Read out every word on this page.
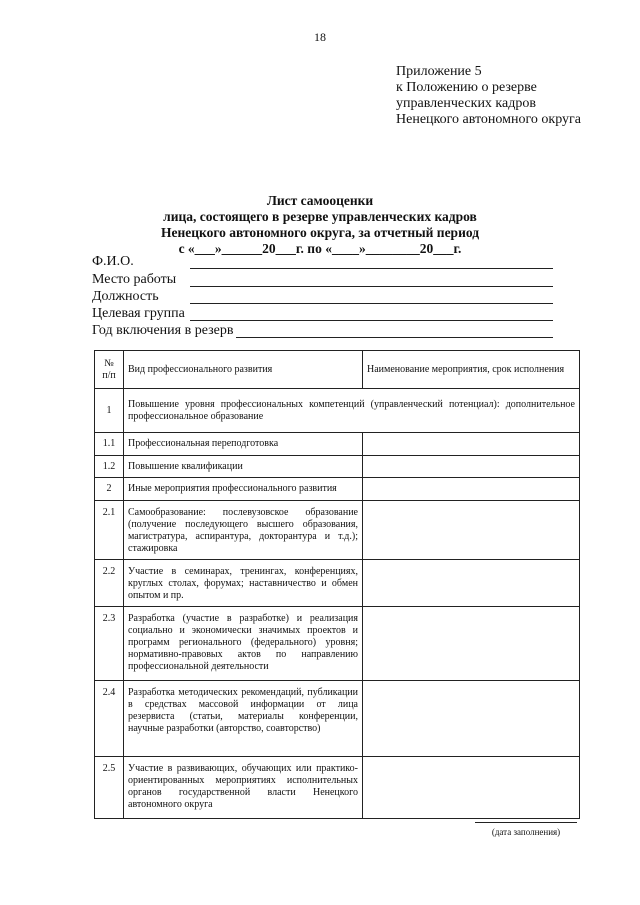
18
Приложение 5
к Положению о резерве
управленческих кадров
Ненецкого автономного округа
Лист самооценки
лица, состоящего в резерве управленческих кадров
Ненецкого автономного округа, за отчетный период
с «___»______20___г. по «____»________20___г.
Ф.И.О.
Место работы
Должность
Целевая группа
Год включения в резерв
№
п/п	Вид профессионального развития	Наименование мероприятия, срок исполнения
1	Повышение уровня профессиональных компетенций (управленческий потенциал): дополнительное профессиональное образование	
1.1	Профессиональная переподготовка	
1.2	Повышение квалификации	
2	Иные мероприятия профессионального развития	
2.1	Самообразование: послевузовское образование (получение последующего высшего образования, магистратура, аспирантура, докторантура и т.д.); стажировка	
2.2	Участие в семинарах, тренингах, конференциях, круглых столах, форумах; наставничество и обмен опытом и пр.	
2.3	Разработка (участие в разработке) и реализация социально и экономически значимых проектов и программ регионального (федерального) уровня; нормативно-правовых актов по направлению профессиональной деятельности	
2.4	Разработка методических рекомендаций, публикации в средствах массовой информации от лица резервиста (статьи, материалы конференции, научные разработки (авторство, соавторство)	
2.5	Участие в развивающих, обучающих или практико-ориентированных мероприятиях исполнительных органов государственной власти Ненецкого автономного округа	
(дата заполнения)
